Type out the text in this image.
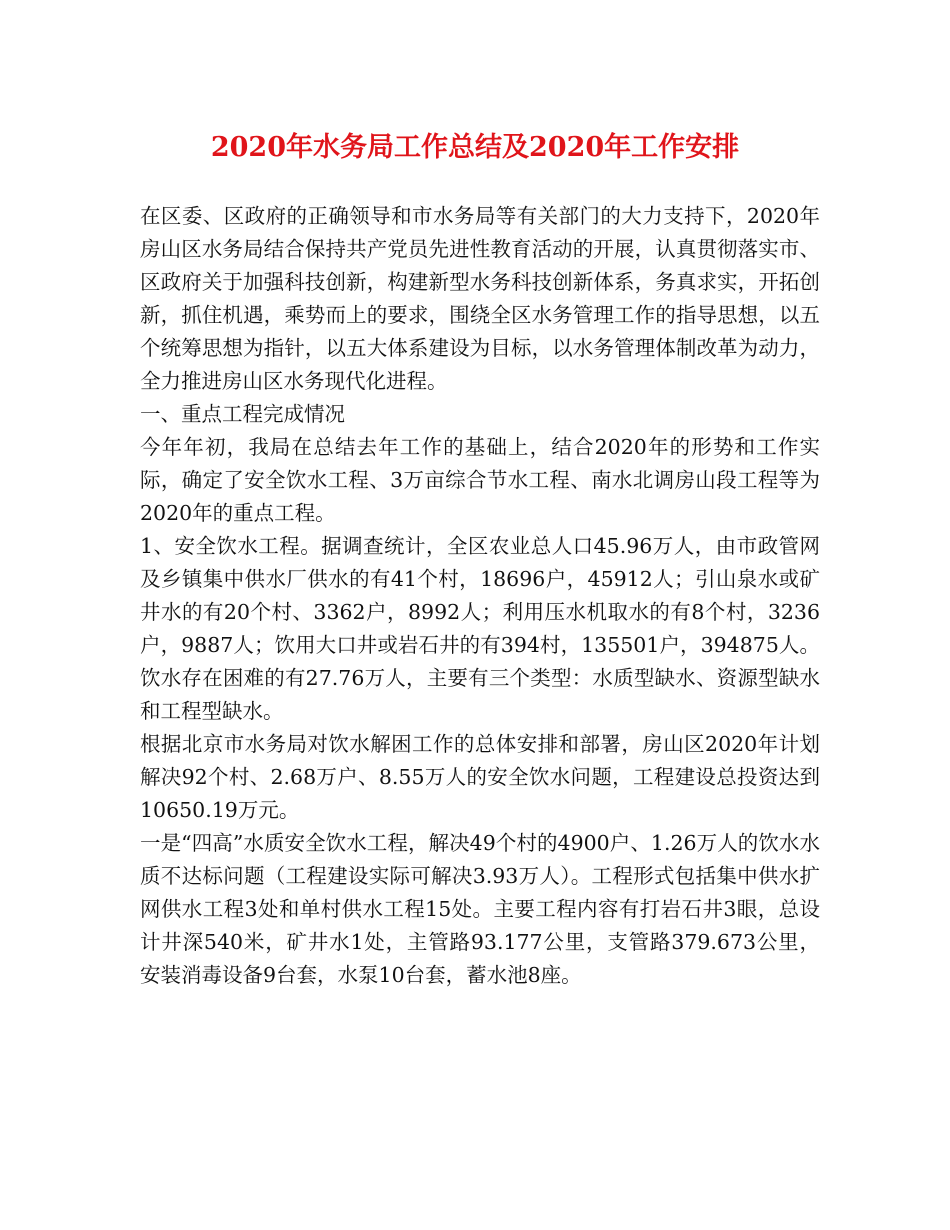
2020年水务局工作总结及2020年工作安排

在区委、区政府的正确领导和市水务局等有关部门的大力支持下，2020年房山区水务局结合保持共产党员先进性教育活动的开展，认真贯彻落实市、区政府关于加强科技创新，构建新型水务科技创新体系，务真求实，开拓创新，抓住机遇，乘势而上的要求，围绕全区水务管理工作的指导思想，以五个统筹思想为指针，以五大体系建设为目标，以水务管理体制改革为动力，全力推进房山区水务现代化进程。

一、重点工程完成情况

今年年初，我局在总结去年工作的基础上，结合2020年的形势和工作实际，确定了安全饮水工程、3万亩综合节水工程、南水北调房山段工程等为2020年的重点工程。

1、安全饮水工程。据调查统计，全区农业总人口45.96万人，由市政管网及乡镇集中供水厂供水的有41个村，18696户，45912人；引山泉水或矿井水的有20个村、3362户，8992人；利用压水机取水的有8个村，3236户，9887人；饮用大口井或岩石井的有394村，135501户，394875人。饮水存在困难的有27.76万人，主要有三个类型：水质型缺水、资源型缺水和工程型缺水。

根据北京市水务局对饮水解困工作的总体安排和部署，房山区2020年计划解决92个村、2.68万户、8.55万人的安全饮水问题，工程建设总投资达到10650.19万元。

一是“四高”水质安全饮水工程，解决49个村的4900户、1.26万人的饮水水质不达标问题（工程建设实际可解决3.93万人）。工程形式包括集中供水扩网供水工程3处和单村供水工程15处。主要工程内容有打岩石井3眼，总设计井深540米，矿井水1处，主管路93.177公里，支管路379.673公里，安装消毒设备9台套，水泵10台套，蓄水池8座。
